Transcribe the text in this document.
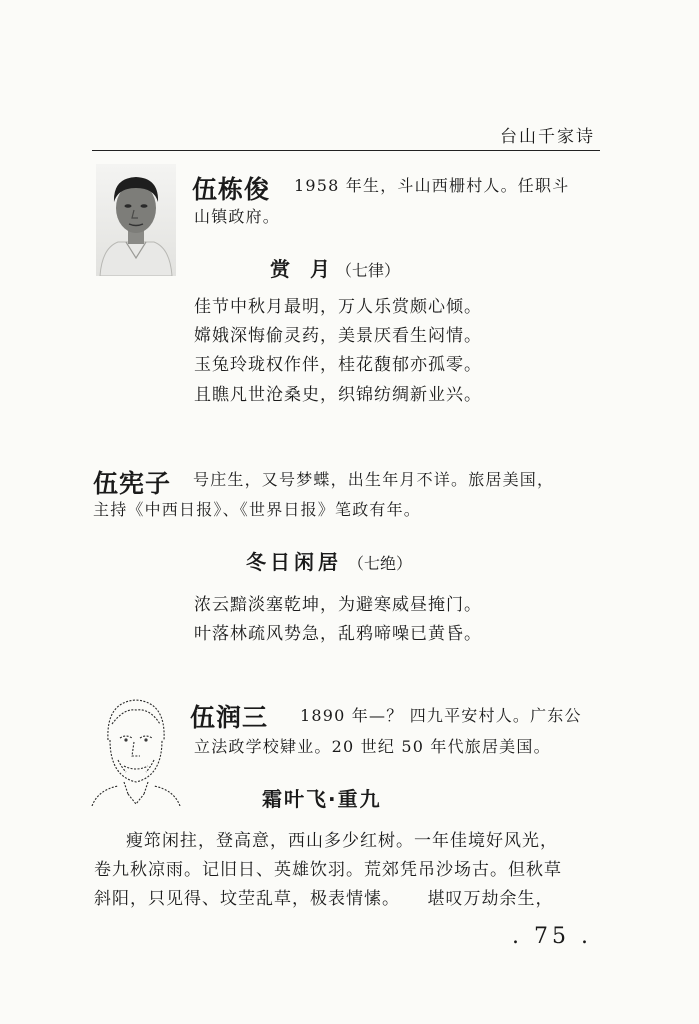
台山千家诗
伍栋俊 1958 年生，斗山西栅村人。任职斗
山镇政府。
赏　月 （七律）
佳节中秋月最明，万人乐赏颇心倾。
嫦娥深悔偷灵药，美景厌看生闷情。
玉兔玲珑权作伴，桂花馥郁亦孤零。
且瞧凡世沧桑史，织锦纺绸新业兴。
伍宪子 号庄生，又号梦蝶，出生年月不详。旅居美国，
主持《中西日报》、《世界日报》笔政有年。
冬日闲居 （七绝）
浓云黯淡塞乾坤，为避寒威昼掩门。
叶落林疏风势急，乱鸦啼噪已黄昏。
伍润三 1890 年—？ 四九平安村人。广东公
立法政学校肄业。20 世纪 50 年代旅居美国。
霜叶飞·重九
瘦筇闲拄，登高意，西山多少红树。一年佳境好风光，
卷九秋凉雨。记旧日、英雄饮羽。荒郊凭吊沙场古。但秋草
斜阳，只见得、坟茔乱草，极表情愫。　　堪叹万劫余生，
. 75 .
